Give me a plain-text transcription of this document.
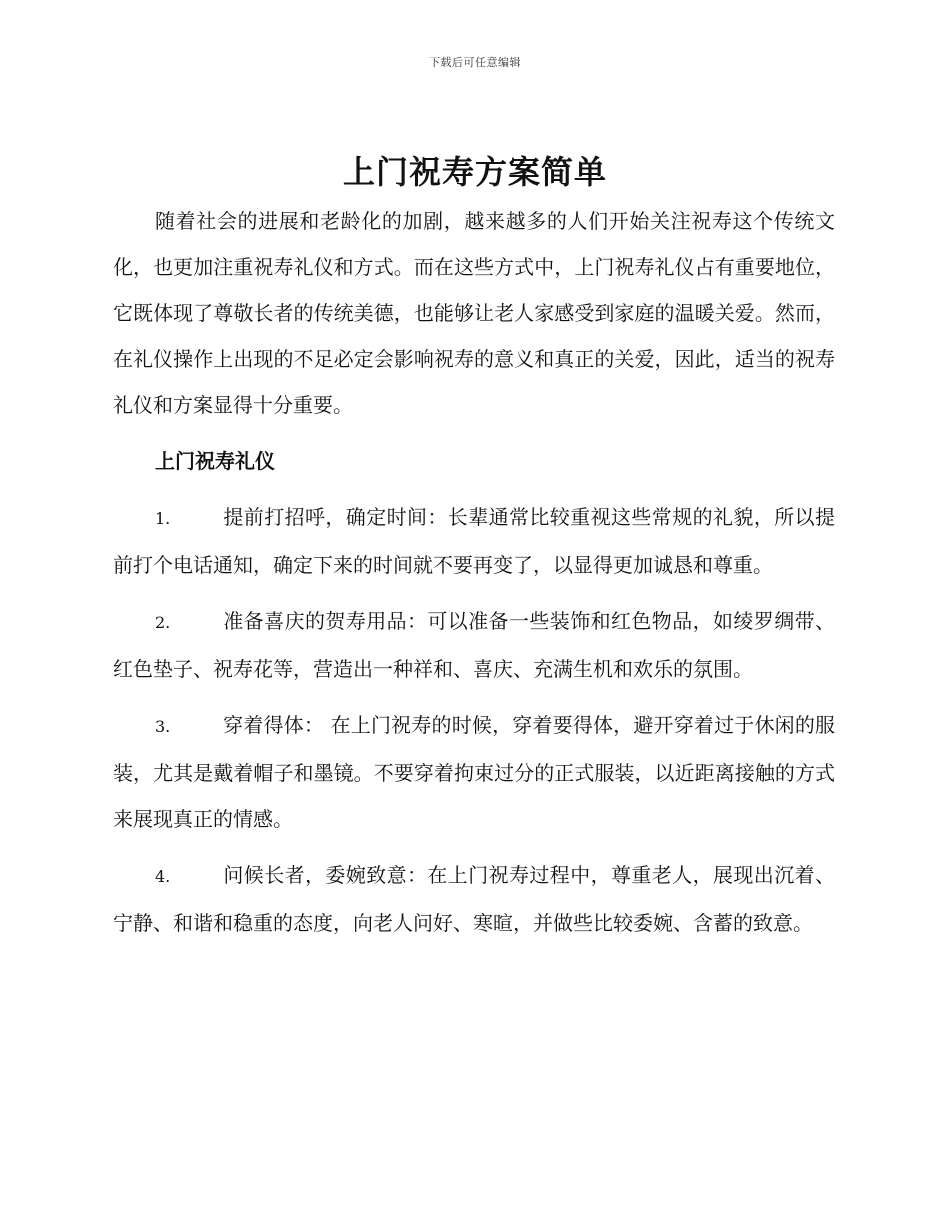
下载后可任意编辑
上门祝寿方案简单

随着社会的进展和老龄化的加剧，越来越多的人们开始关注祝寿这个传统文化，也更加注重祝寿礼仪和方式。而在这些方式中，上门祝寿礼仪占有重要地位，它既体现了尊敬长者的传统美德，也能够让老人家感受到家庭的温暖关爱。然而，在礼仪操作上出现的不足必定会影响祝寿的意义和真正的关爱，因此，适当的祝寿礼仪和方案显得十分重要。

上门祝寿礼仪

1.	提前打招呼，确定时间：长辈通常比较重视这些常规的礼貌，所以提前打个电话通知，确定下来的时间就不要再变了，以显得更加诚恳和尊重。

2.	准备喜庆的贺寿用品：可以准备一些装饰和红色物品，如绫罗绸带、红色垫子、祝寿花等，营造出一种祥和、喜庆、充满生机和欢乐的氛围。

3.	穿着得体： 在上门祝寿的时候，穿着要得体，避开穿着过于休闲的服装，尤其是戴着帽子和墨镜。不要穿着拘束过分的正式服装，以近距离接触的方式来展现真正的情感。

4.	问候长者，委婉致意：在上门祝寿过程中，尊重老人，展现出沉着、宁静、和谐和稳重的态度，向老人问好、寒暄，并做些比较委婉、含蓄的致意。
